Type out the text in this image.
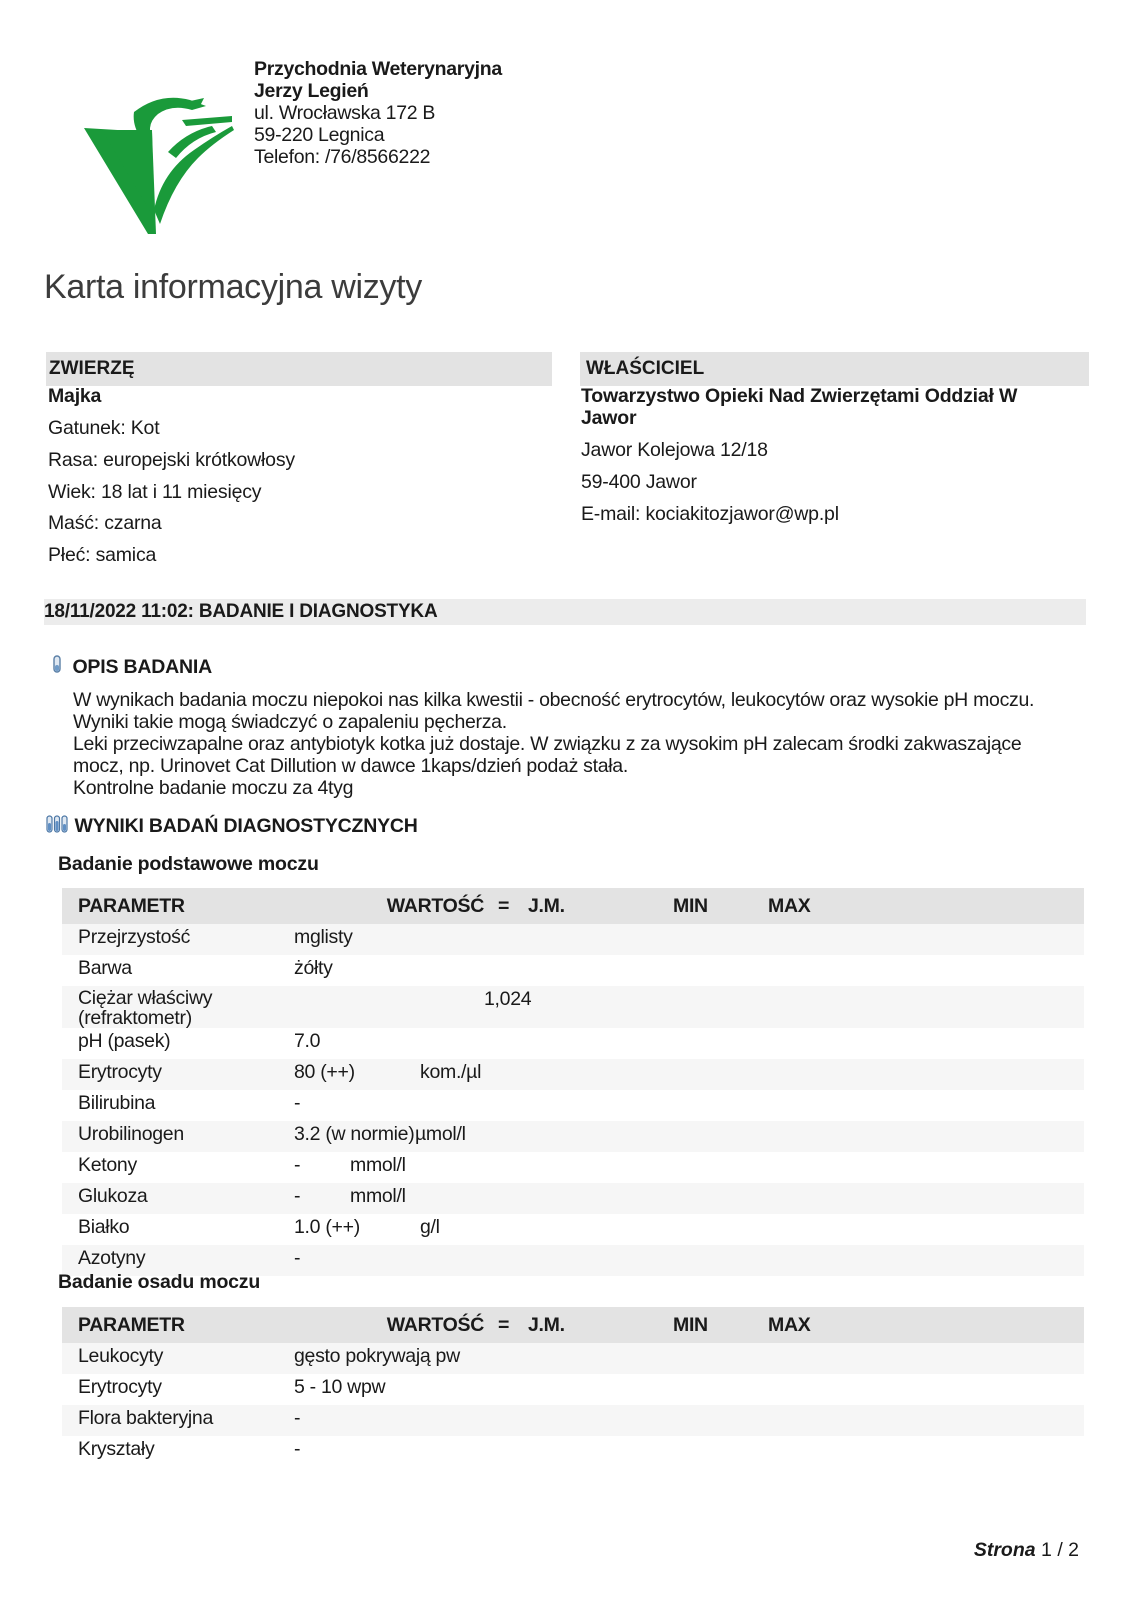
Przychodnia Weterynaryjna
Jerzy Legień
ul. Wrocławska 172 B
59-220 Legnica
Telefon: /76/8566222
Karta informacyjna wizyty
ZWIERZĘ
Majka
Gatunek: Kot
Rasa: europejski krótkowłosy
Wiek: 18 lat i 11 miesięcy
Maść: czarna
Płeć: samica
WŁAŚCICIEL
Towarzystwo Opieki Nad Zwierzętami Oddział W
Jawor
Jawor Kolejowa 12/18
59-400 Jawor
E-mail: kociakitozjawor@wp.pl
18/11/2022 11:02: BADANIE I DIAGNOSTYKA
OPIS BADANIA
W wynikach badania moczu niepokoi nas kilka kwestii - obecność erytrocytów, leukocytów oraz wysokie pH moczu.
Wyniki takie mogą świadczyć o zapaleniu pęcherza.
Leki przeciwzapalne oraz antybiotyk kotka już dostaje. W związku z za wysokim pH zalecam środki zakwaszające
mocz, np. Urinovet Cat Dillution w dawce 1kaps/dzień podaż stała.
Kontrolne badanie moczu za 4tyg
WYNIKI BADAŃ DIAGNOSTYCZNYCH
Badanie podstawowe moczu
PARAMETR	WARTOŚĆ	=	J.M.	MIN	MAX

Przejrzystość	mglisty				

Barwa	żółty				

Ciężar właściwy
(refraktometr)	1,024				

pH (pasek)	7.0				

Erytrocyty	80 (++) kom./µl				

Bilirubina	-				

Urobilinogen	3.2 (w normie) µmol/l				

Ketony	- mmol/l				

Glukoza	- mmol/l				

Białko	1.0 (++) g/l				

Azotyny	-				
Badanie osadu moczu
PARAMETR	WARTOŚĆ	=	J.M.	MIN	MAX

Leukocyty	gęsto pokrywają pw				

Erytrocyty	5 - 10 wpw				

Flora bakteryjna	-				

Kryształy	-				
Strona 1 / 2
